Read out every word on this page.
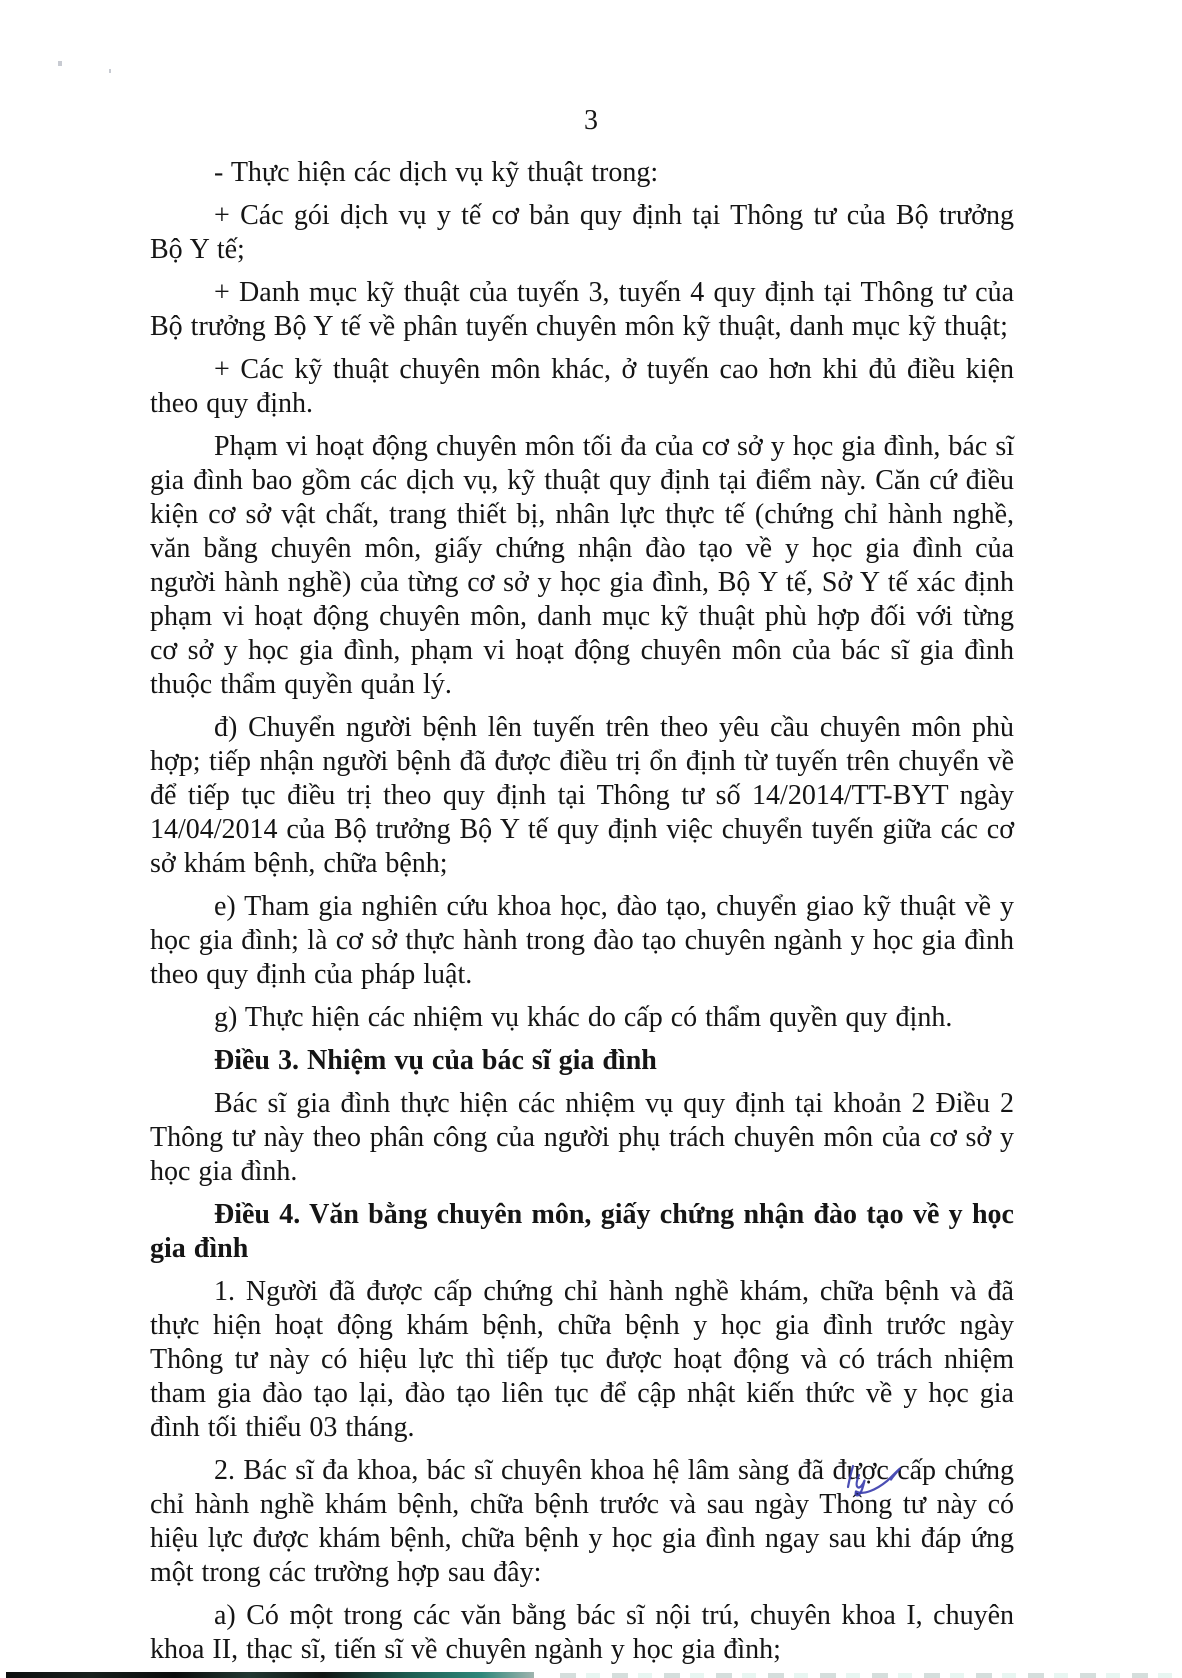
3

- Thực hiện các dịch vụ kỹ thuật trong:

+ Các gói dịch vụ y tế cơ bản quy định tại Thông tư của Bộ trưởng Bộ Y tế;

+ Danh mục kỹ thuật của tuyến 3, tuyến 4 quy định tại Thông tư của Bộ trưởng Bộ Y tế về phân tuyến chuyên môn kỹ thuật, danh mục kỹ thuật;

+ Các kỹ thuật chuyên môn khác, ở tuyến cao hơn khi đủ điều kiện theo quy định.

Phạm vi hoạt động chuyên môn tối đa của cơ sở y học gia đình, bác sĩ gia đình bao gồm các dịch vụ, kỹ thuật quy định tại điểm này. Căn cứ điều kiện cơ sở vật chất, trang thiết bị, nhân lực thực tế (chứng chỉ hành nghề, văn bằng chuyên môn, giấy chứng nhận đào tạo về y học gia đình của người hành nghề) của từng cơ sở y học gia đình, Bộ Y tế, Sở Y tế xác định phạm vi hoạt động chuyên môn, danh mục kỹ thuật phù hợp đối với từng cơ sở y học gia đình, phạm vi hoạt động chuyên môn của bác sĩ gia đình thuộc thẩm quyền quản lý.

đ) Chuyển người bệnh lên tuyến trên theo yêu cầu chuyên môn phù hợp; tiếp nhận người bệnh đã được điều trị ổn định từ tuyến trên chuyển về để tiếp tục điều trị theo quy định tại Thông tư số 14/2014/TT-BYT ngày 14/04/2014 của Bộ trưởng Bộ Y tế quy định việc chuyển tuyến giữa các cơ sở khám bệnh, chữa bệnh;

e) Tham gia nghiên cứu khoa học, đào tạo, chuyển giao kỹ thuật về y học gia đình; là cơ sở thực hành trong đào tạo chuyên ngành y học gia đình theo quy định của pháp luật.

g) Thực hiện các nhiệm vụ khác do cấp có thẩm quyền quy định.

Điều 3. Nhiệm vụ của bác sĩ gia đình

Bác sĩ gia đình thực hiện các nhiệm vụ quy định tại khoản 2 Điều 2 Thông tư này theo phân công của người phụ trách chuyên môn của cơ sở y học gia đình.

Điều 4. Văn bằng chuyên môn, giấy chứng nhận đào tạo về y học gia đình

1. Người đã được cấp chứng chỉ hành nghề khám, chữa bệnh và đã thực hiện hoạt động khám bệnh, chữa bệnh y học gia đình trước ngày Thông tư này có hiệu lực thì tiếp tục được hoạt động và có trách nhiệm tham gia đào tạo lại, đào tạo liên tục để cập nhật kiến thức về y học gia đình tối thiểu 03 tháng.

2. Bác sĩ đa khoa, bác sĩ chuyên khoa hệ lâm sàng đã được cấp chứng chỉ hành nghề khám bệnh, chữa bệnh trước và sau ngày Thông tư này có hiệu lực được khám bệnh, chữa bệnh y học gia đình ngay sau khi đáp ứng một trong các trường hợp sau đây:

a) Có một trong các văn bằng bác sĩ nội trú, chuyên khoa I, chuyên khoa II, thạc sĩ, tiến sĩ về chuyên ngành y học gia đình;
